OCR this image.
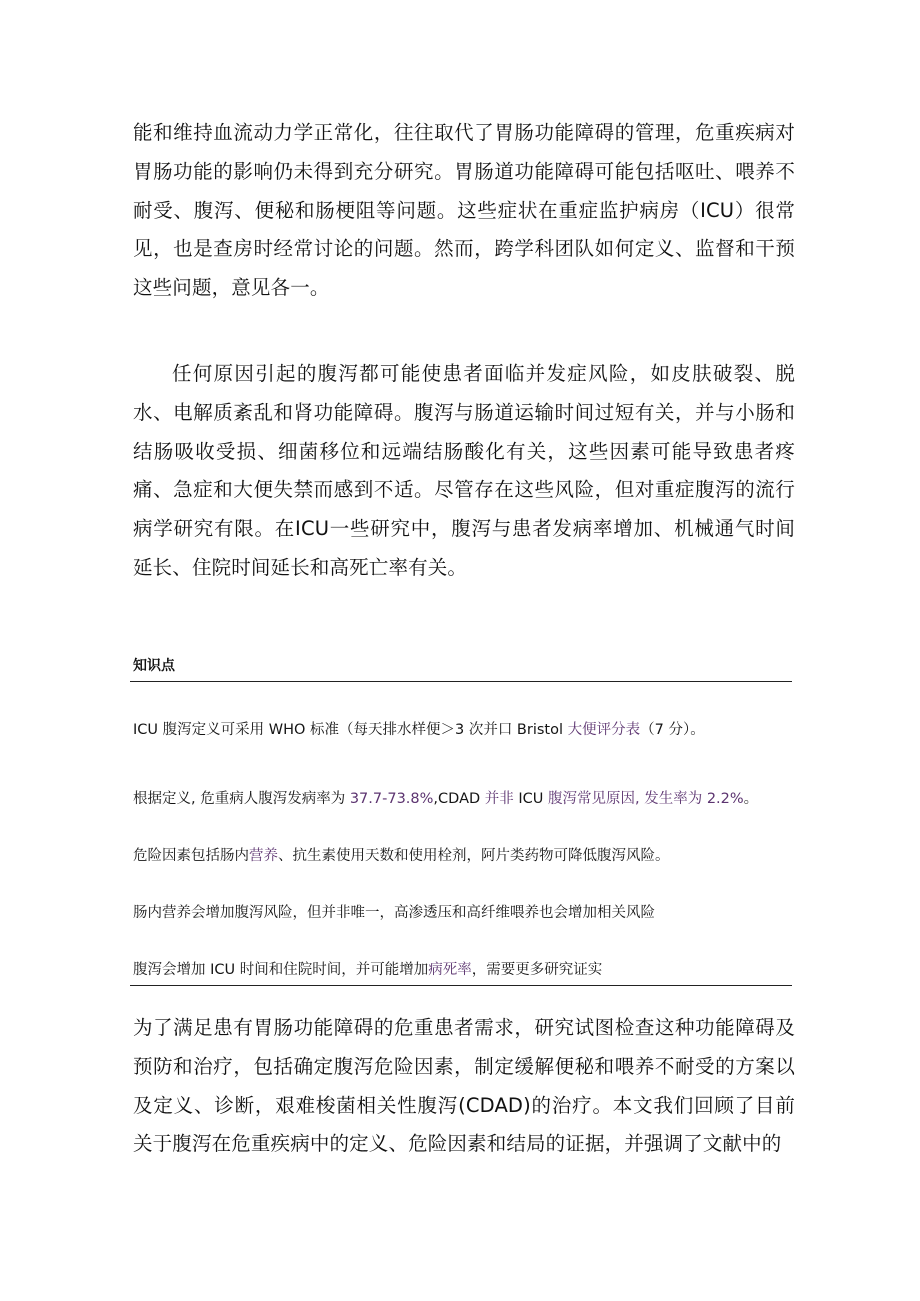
能和维持血流动力学正常化，往往取代了胃肠功能障碍的管理，危重疾病对胃肠功能的影响仍未得到充分研究。胃肠道功能障碍可能包括呕吐、喂养不耐受、腹泻、便秘和肠梗阻等问题。这些症状在重症监护病房（ICU）很常见，也是查房时经常讨论的问题。然而，跨学科团队如何定义、监督和干预这些问题，意见各一。

任何原因引起的腹泻都可能使患者面临并发症风险，如皮肤破裂、脱水、电解质紊乱和肾功能障碍。腹泻与肠道运输时间过短有关，并与小肠和结肠吸收受损、细菌移位和远端结肠酸化有关，这些因素可能导致患者疼痛、急症和大便失禁而感到不适。尽管存在这些风险，但对重症腹泻的流行病学研究有限。在ICU一些研究中，腹泻与患者发病率增加、机械通气时间延长、住院时间延长和高死亡率有关。

知识点

ICU 腹泻定义可采用 WHO 标准（每天排水样便＞3 次并口 Bristol 大便评分表（7 分）。

根据定义, 危重病人腹泻发病率为 37.7-73.8%,CDAD 并非 ICU 腹泻常见原因, 发生率为 2.2%。

危险因素包括肠内营养、抗生素使用天数和使用栓剂，阿片类药物可降低腹泻风险。

肠内营养会增加腹泻风险，但并非唯一，高渗透压和高纤维喂养也会增加相关风险

腹泻会增加 ICU 时间和住院时间，并可能增加病死率，需要更多研究证实

为了满足患有胃肠功能障碍的危重患者需求，研究试图检查这种功能障碍及预防和治疗，包括确定腹泻危险因素，制定缓解便秘和喂养不耐受的方案以及定义、诊断，艰难梭菌相关性腹泻(CDAD)的治疗。本文我们回顾了目前关于腹泻在危重疾病中的定义、危险因素和结局的证据，并强调了文献中的
